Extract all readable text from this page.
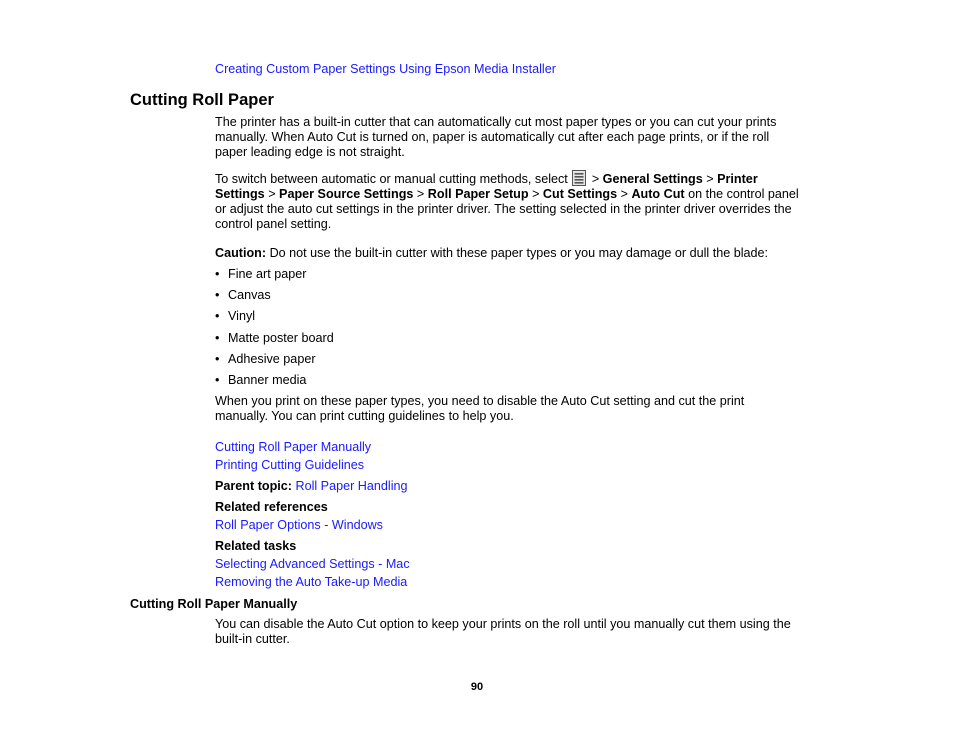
Creating Custom Paper Settings Using Epson Media Installer
Cutting Roll Paper
The printer has a built-in cutter that can automatically cut most paper types or you can cut your prints
manually. When Auto Cut is turned on, paper is automatically cut after each page prints, or if the roll
paper leading edge is not straight.
To switch between automatic or manual cutting methods, select > General Settings > Printer
Settings > Paper Source Settings > Roll Paper Setup > Cut Settings > Auto Cut on the control panel
or adjust the auto cut settings in the printer driver. The setting selected in the printer driver overrides the
control panel setting.
Caution: Do not use the built-in cutter with these paper types or you may damage or dull the blade:
• Fine art paper
• Canvas
• Vinyl
• Matte poster board
• Adhesive paper
• Banner media
When you print on these paper types, you need to disable the Auto Cut setting and cut the print
manually. You can print cutting guidelines to help you.
Cutting Roll Paper Manually
Printing Cutting Guidelines
Parent topic: Roll Paper Handling
Related references
Roll Paper Options - Windows
Related tasks
Selecting Advanced Settings - Mac
Removing the Auto Take-up Media
Cutting Roll Paper Manually
You can disable the Auto Cut option to keep your prints on the roll until you manually cut them using the
built-in cutter.
90
